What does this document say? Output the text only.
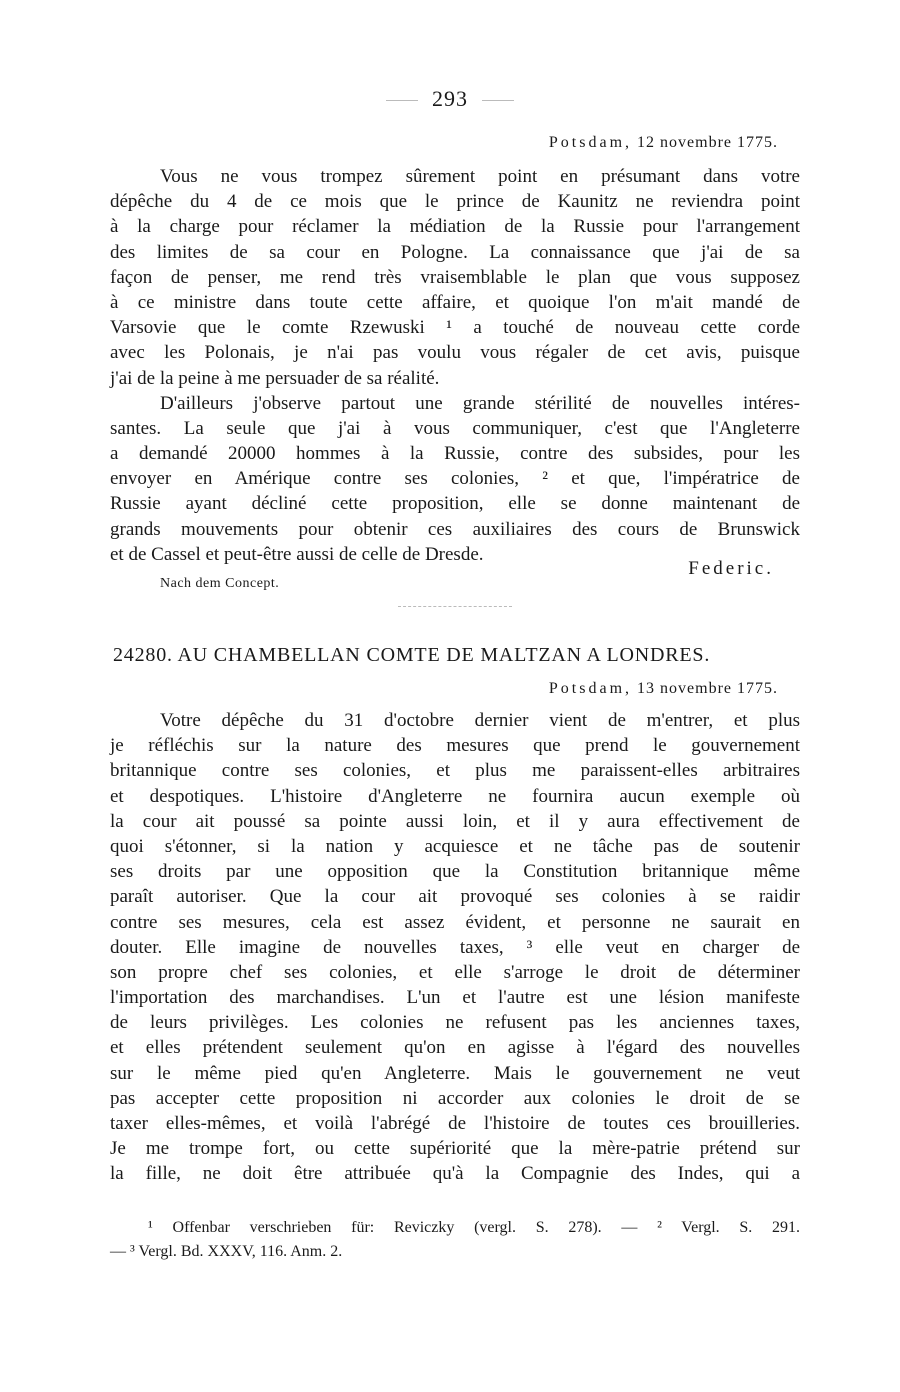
293
Potsdam, 12 novembre 1775.
Vous ne vous trompez sûrement point en présumant dans votre
dépêche du 4 de ce mois que le prince de Kaunitz ne reviendra point
à la charge pour réclamer la médiation de la Russie pour l'arrangement
des limites de sa cour en Pologne. La connaissance que j'ai de sa
façon de penser, me rend très vraisemblable le plan que vous supposez
à ce ministre dans toute cette affaire, et quoique l'on m'ait mandé de
Varsovie que le comte Rzewuski ¹ a touché de nouveau cette corde
avec les Polonais, je n'ai pas voulu vous régaler de cet avis, puisque
j'ai de la peine à me persuader de sa réalité.
D'ailleurs j'observe partout une grande stérilité de nouvelles intéres-
santes. La seule que j'ai à vous communiquer, c'est que l'Angleterre
a demandé 20000 hommes à la Russie, contre des subsides, pour les
envoyer en Amérique contre ses colonies, ² et que, l'impératrice de
Russie ayant décliné cette proposition, elle se donne maintenant de
grands mouvements pour obtenir ces auxiliaires des cours de Brunswick
et de Cassel et peut-être aussi de celle de Dresde.
Federic.
Nach dem Concept.
24280. AU CHAMBELLAN COMTE DE MALTZAN A LONDRES.
Potsdam, 13 novembre 1775.
Votre dépêche du 31 d'octobre dernier vient de m'entrer, et plus
je réfléchis sur la nature des mesures que prend le gouvernement
britannique contre ses colonies, et plus me paraissent-elles arbitraires
et despotiques. L'histoire d'Angleterre ne fournira aucun exemple où
la cour ait poussé sa pointe aussi loin, et il y aura effectivement de
quoi s'étonner, si la nation y acquiesce et ne tâche pas de soutenir
ses droits par une opposition que la Constitution britannique même
paraît autoriser. Que la cour ait provoqué ses colonies à se raidir
contre ses mesures, cela est assez évident, et personne ne saurait en
douter. Elle imagine de nouvelles taxes, ³ elle veut en charger de
son propre chef ses colonies, et elle s'arroge le droit de déterminer
l'importation des marchandises. L'un et l'autre est une lésion manifeste
de leurs privilèges. Les colonies ne refusent pas les anciennes taxes,
et elles prétendent seulement qu'on en agisse à l'égard des nouvelles
sur le même pied qu'en Angleterre. Mais le gouvernement ne veut
pas accepter cette proposition ni accorder aux colonies le droit de se
taxer elles-mêmes, et voilà l'abrégé de l'histoire de toutes ces brouilleries.
Je me trompe fort, ou cette supériorité que la mère-patrie prétend sur
la fille, ne doit être attribuée qu'à la Compagnie des Indes, qui a
¹ Offenbar verschrieben für: Reviczky (vergl. S. 278). — ² Vergl. S. 291.
— ³ Vergl. Bd. XXXV, 116. Anm. 2.
